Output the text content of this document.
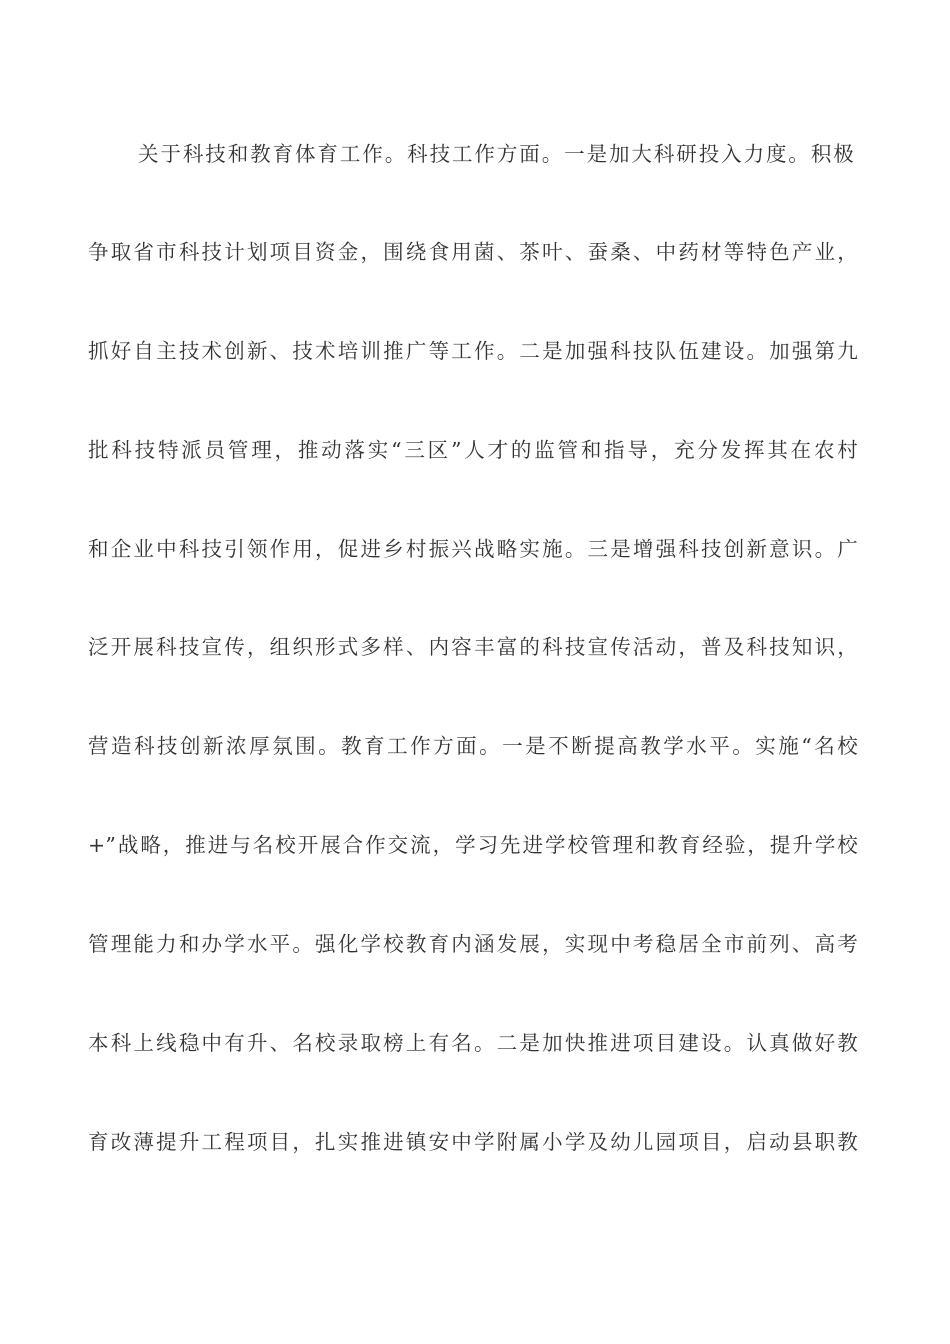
关于科技和教育体育工作。科技工作方面。一是加大科研投入力度。积极
争取省市科技计划项目资金，围绕食用菌、茶叶、蚕桑、中药材等特色产业，
抓好自主技术创新、技术培训推广等工作。二是加强科技队伍建设。加强第九
批科技特派员管理，推动落实“三区”人才的监管和指导，充分发挥其在农村
和企业中科技引领作用，促进乡村振兴战略实施。三是增强科技创新意识。广
泛开展科技宣传，组织形式多样、内容丰富的科技宣传活动，普及科技知识，
营造科技创新浓厚氛围。教育工作方面。一是不断提高教学水平。实施“名校
+”战略，推进与名校开展合作交流，学习先进学校管理和教育经验，提升学校
管理能力和办学水平。强化学校教育内涵发展，实现中考稳居全市前列、高考
本科上线稳中有升、名校录取榜上有名。二是加快推进项目建设。认真做好教
育改薄提升工程项目，扎实推进镇安中学附属小学及幼儿园项目，启动县职教
